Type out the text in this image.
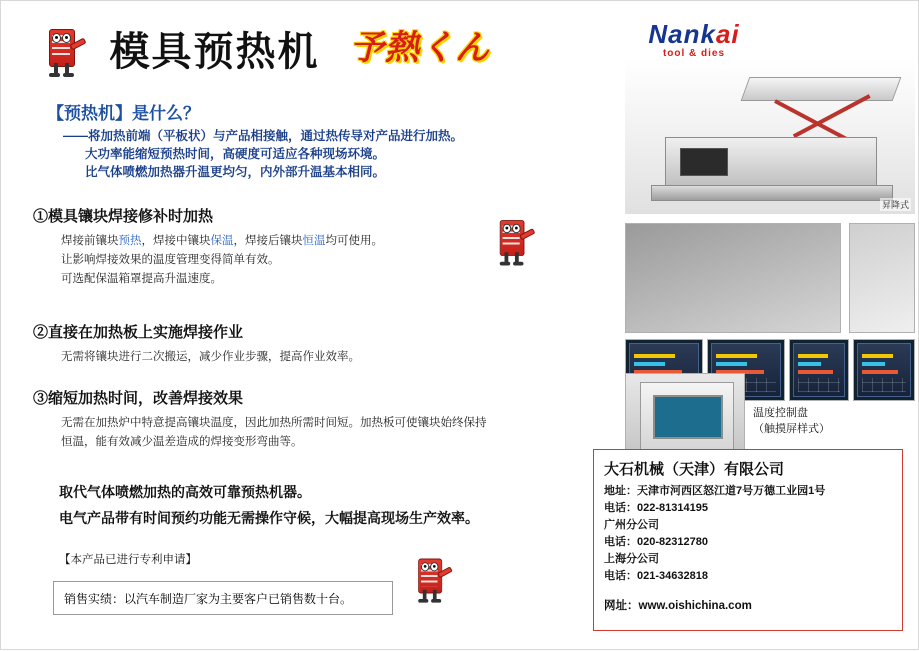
模具预热机 予熱くん
【预热机】是什么？
——将加热前端（平板状）与产品相接触，通过热传导对产品进行加热。
大功率能缩短预热时间，高硬度可适应各种现场环境。
比气体喷燃加热器升温更均匀，内外部升温基本相同。
①模具镶块焊接修补时加热
焊接前镶块预热，焊接中镶块保温，焊接后镶块恒温均可使用。
让影响焊接效果的温度管理变得简单有效。
可选配保温箱罩提高升温速度。
②直接在加热板上实施焊接作业
无需将镶块进行二次搬运，减少作业步骤，提高作业效率。
③缩短加热时间，改善焊接效果
无需在加热炉中特意提高镶块温度，因此加热所需时间短。加热板可使镶块始终保持
恒温，能有效减少温差造成的焊接变形弯曲等。
取代气体喷燃加热的高效可靠预热机器。
电气产品带有时间预约功能无需操作守候，大幅提高现场生产效率。
【本产品已进行专利申请】
销售实绩：以汽车制造厂家为主要客户已销售数十台。
Nankai
tool & dies
昇降式
温度控制盘
（触摸屏样式）
大石机械（天津）有限公司
地址：天津市河西区怒江道7号万德工业园1号
电话：022-81314195
广州分公司
电话：020-82312780
上海分公司
电话：021-34632818
网址：www.oishichina.com
